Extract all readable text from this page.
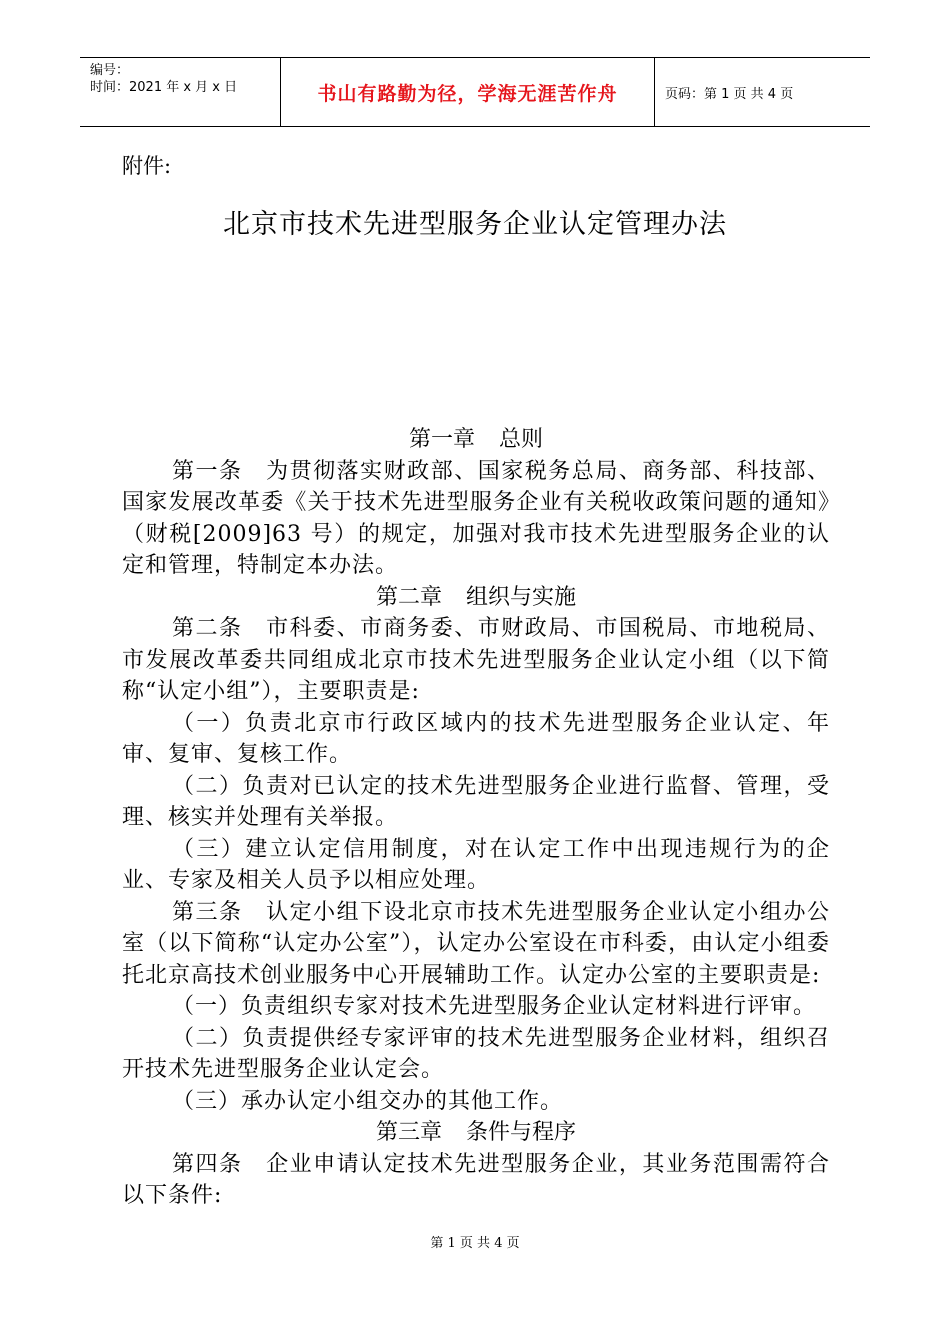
编号：
时间：2021 年 x 月 x 日	书山有路勤为径，学海无涯苦作舟	页码：第 1 页 共 4 页
附件:
北京市技术先进型服务企业认定管理办法
第一章 总则
第一条　为贯彻落实财政部、国家税务总局、商务部、科技部、国家发展改革委《关于技术先进型服务企业有关税收政策问题的通知》（财税[2009]63 号）的规定，加强对我市技术先进型服务企业的认定和管理，特制定本办法。
第二章 组织与实施
第二条　市科委、市商务委、市财政局、市国税局、市地税局、市发展改革委共同组成北京市技术先进型服务企业认定小组（以下简称“认定小组”），主要职责是:
（一）负责北京市行政区域内的技术先进型服务企业认定、年审、复审、复核工作。
（二）负责对已认定的技术先进型服务企业进行监督、管理，受理、核实并处理有关举报。
（三）建立认定信用制度，对在认定工作中出现违规行为的企业、专家及相关人员予以相应处理。
第三条　认定小组下设北京市技术先进型服务企业认定小组办公室（以下简称“认定办公室”），认定办公室设在市科委，由认定小组委托北京高技术创业服务中心开展辅助工作。认定办公室的主要职责是:
（一）负责组织专家对技术先进型服务企业认定材料进行评审。
（二）负责提供经专家评审的技术先进型服务企业材料，组织召开技术先进型服务企业认定会。
（三）承办认定小组交办的其他工作。
第三章 条件与程序
第四条　企业申请认定技术先进型服务企业，其业务范围需符合以下条件:
第 1 页 共 4 页
